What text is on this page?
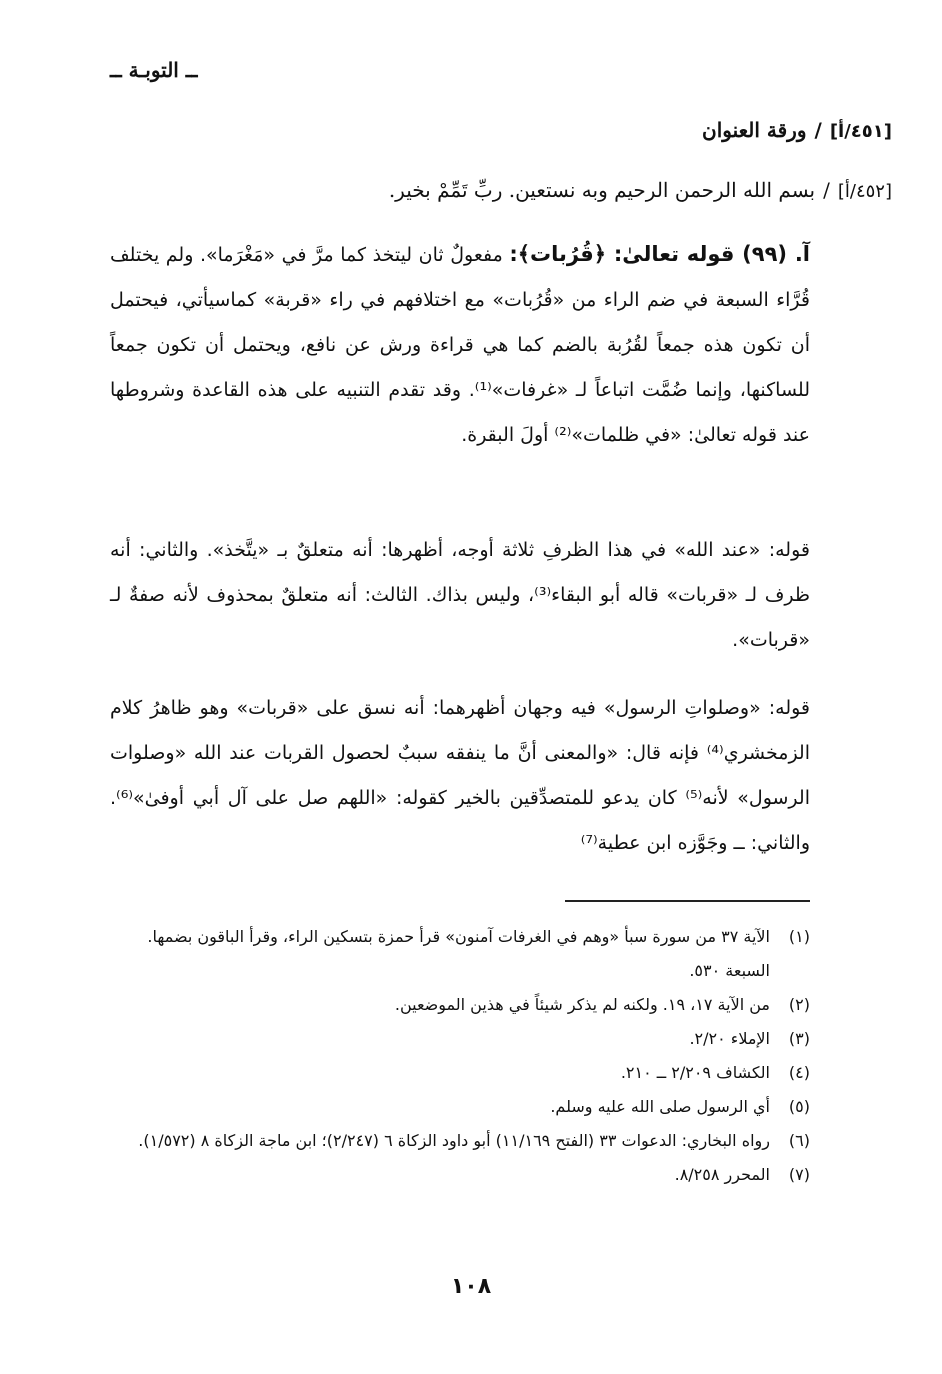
ــ التوبـة ــ
[٤٥١/أ]/ورقة العنوان
[٤٥٢/أ]/بسم الله الرحمن الرحيم وبه نستعين. ربِّ تَمِّمْ بخير.
آ. (٩٩) قوله تعالىٰ: ﴿قُرُبات﴾: مفعولٌ ثان ليتخذ كما مرَّ في «مَغْرَما». ولم يختلف قُرَّاء السبعة في ضم الراء من «قُرُبات» مع اختلافهم في راء «قربة» كماسيأتي، فيحتمل أن تكون هذه جمعاً لقُرُبة بالضم كما هي قراءة ورش عن نافع، ويحتمل أن تكون جمعاً للساكنها، وإنما ضُمَّت اتباعاً لـ «غرفات»⁽¹⁾. وقد تقدم التنبيه على هذه القاعدة وشروطها عند قوله تعالىٰ: «في ظلمات»⁽²⁾ أولَ البقرة.
قوله: «عند الله» في هذا الظرفِ ثلاثة أوجه، أظهرها: أنه متعلقٌ بـ «يتَّخذ». والثاني: أنه ظرف لـ «قربات» قاله أبو البقاء⁽³⁾، وليس بذاك. الثالث: أنه متعلقٌ بمحذوف لأنه صفةٌ لـ «قربات».
قوله: «وصلواتِ الرسول» فيه وجهان أظهرهما: أنه نسق على «قربات» وهو ظاهرُ كلام الزمخشري⁽⁴⁾ فإنه قال: «والمعنى أنَّ ما ينفقه سببٌ لحصول القربات عند الله «وصلوات الرسول» لأنه⁽⁵⁾ كان يدعو للمتصدِّقين بالخير كقوله: «اللهم صل على آل أبي أوفىٰ»⁽⁶⁾. والثاني: ــ وجَوَّزه ابن عطية⁽⁷⁾

(١)
الآية ٣٧ من سورة سبأ «وهم في الغرفات آمنون» قرأ حمزة بتسكين الراء، وقرأ الباقون بضمها. السبعة ٥٣٠.

(٢)
من الآية ١٧، ١٩. ولكنه لم يذكر شيئاً في هذين الموضعين.

(٣)
الإملاء ٢/٢٠.

(٤)
الكشاف ٢/٢٠٩ ــ ٢١٠.

(٥)
أي الرسول صلى الله عليه وسلم.

(٦)
رواه البخاري: الدعوات ٣٣ (الفتح ١١/١٦٩) أبو داود الزكاة ٦ (٢/٢٤٧)؛ ابن ماجة الزكاة ٨ (١/٥٧٢).

(٧)
المحرر ٨/٢٥٨.

١٠٨
